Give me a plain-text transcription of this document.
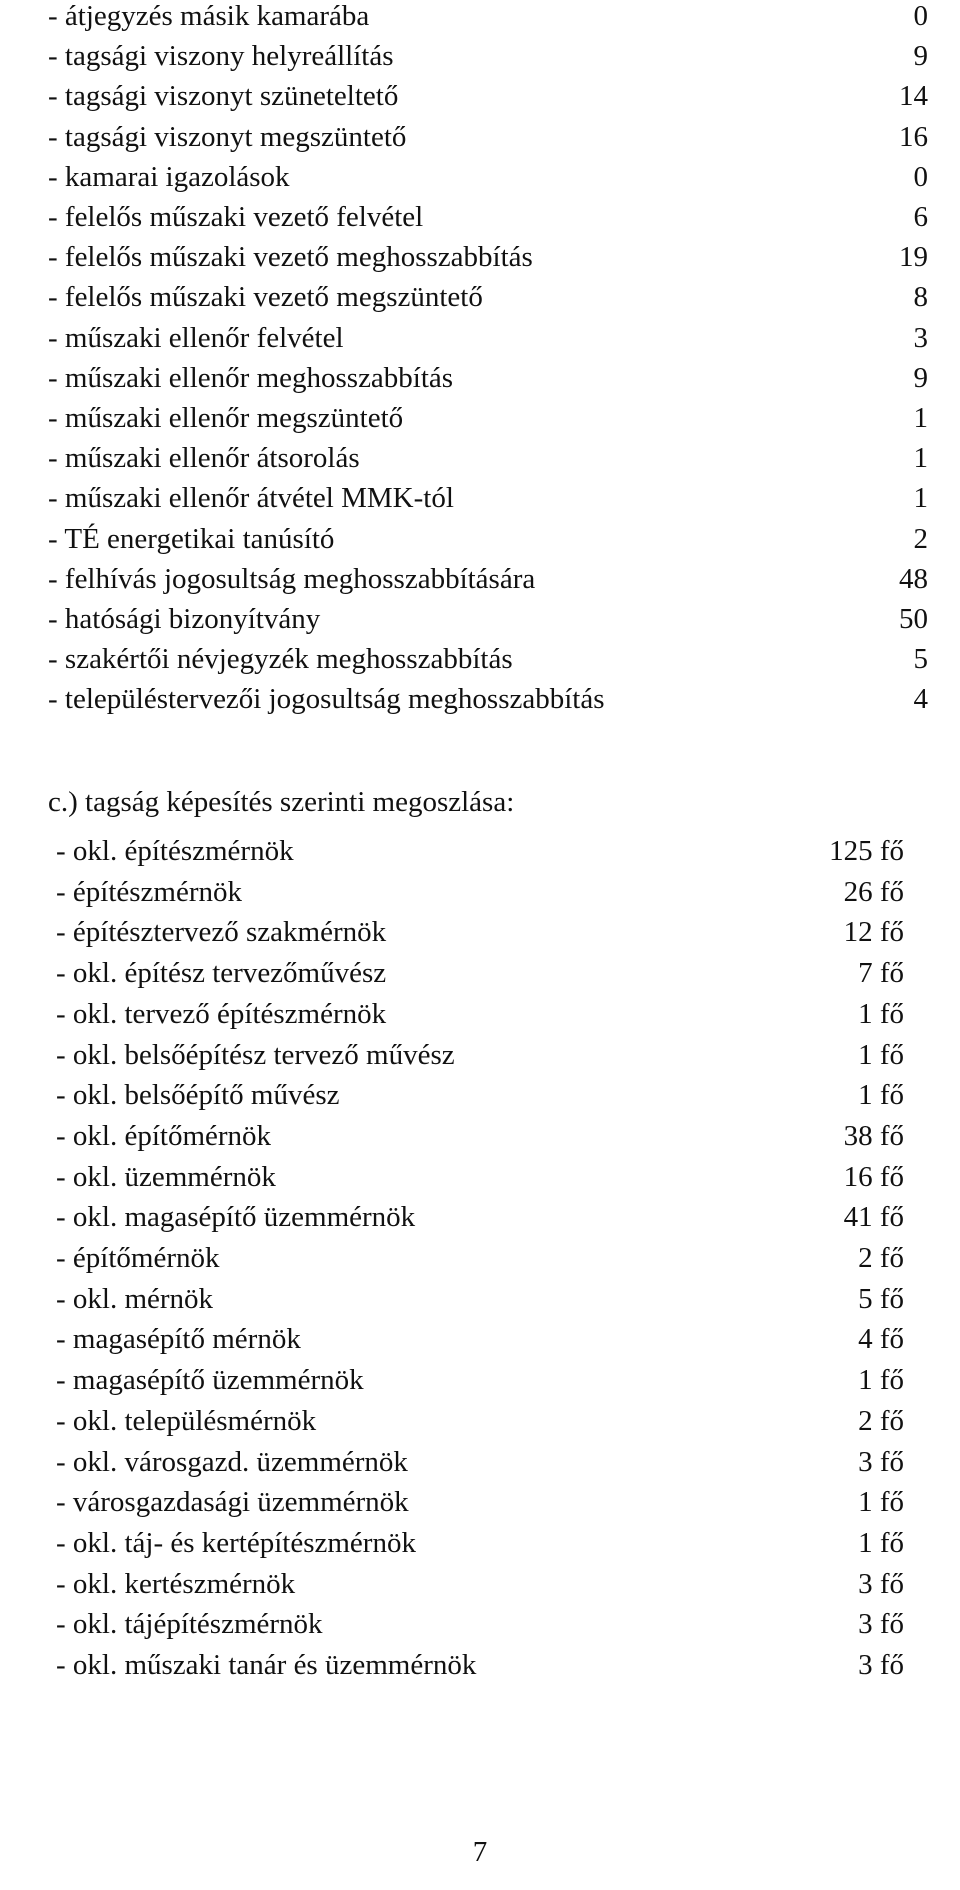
- átjegyzés másik kamarába	0
- tagsági viszony helyreállítás	9
- tagsági viszonyt szüneteltető	14
- tagsági viszonyt megszüntető	16
- kamarai igazolások	0
- felelős műszaki vezető felvétel	6
- felelős műszaki vezető meghosszabbítás	19
- felelős műszaki vezető megszüntető	8
- műszaki ellenőr felvétel	3
- műszaki ellenőr meghosszabbítás	9
- műszaki ellenőr megszüntető	1
- műszaki ellenőr átsorolás	1
- műszaki ellenőr átvétel MMK-tól	1
- TÉ energetikai tanúsító	2
- felhívás jogosultság meghosszabbítására	48
- hatósági bizonyítvány	50
- szakértői névjegyzék meghosszabbítás	5
- településtervezői jogosultság meghosszabbítás	4
c.) tagság képesítés szerinti megoszlása:
- okl. építészmérnök	125 fő
- építészmérnök	26 fő
- építésztervező szakmérnök	12 fő
- okl. építész tervezőművész	7 fő
- okl. tervező építészmérnök	1 fő
- okl. belsőépítész tervező művész	1 fő
- okl. belsőépítő művész	1 fő
- okl. építőmérnök	38 fő
- okl. üzemmérnök	16 fő
- okl. magasépítő üzemmérnök	41 fő
- építőmérnök	2 fő
- okl. mérnök	5 fő
- magasépítő mérnök	4 fő
- magasépítő üzemmérnök	1 fő
- okl. településmérnök	2 fő
- okl. városgazd. üzemmérnök	3 fő
- városgazdasági üzemmérnök	1 fő
- okl. táj- és kertépítészmérnök	1 fő
- okl. kertészmérnök	3 fő
- okl. tájépítészmérnök	3 fő
- okl. műszaki tanár és üzemmérnök	3 fő
7
